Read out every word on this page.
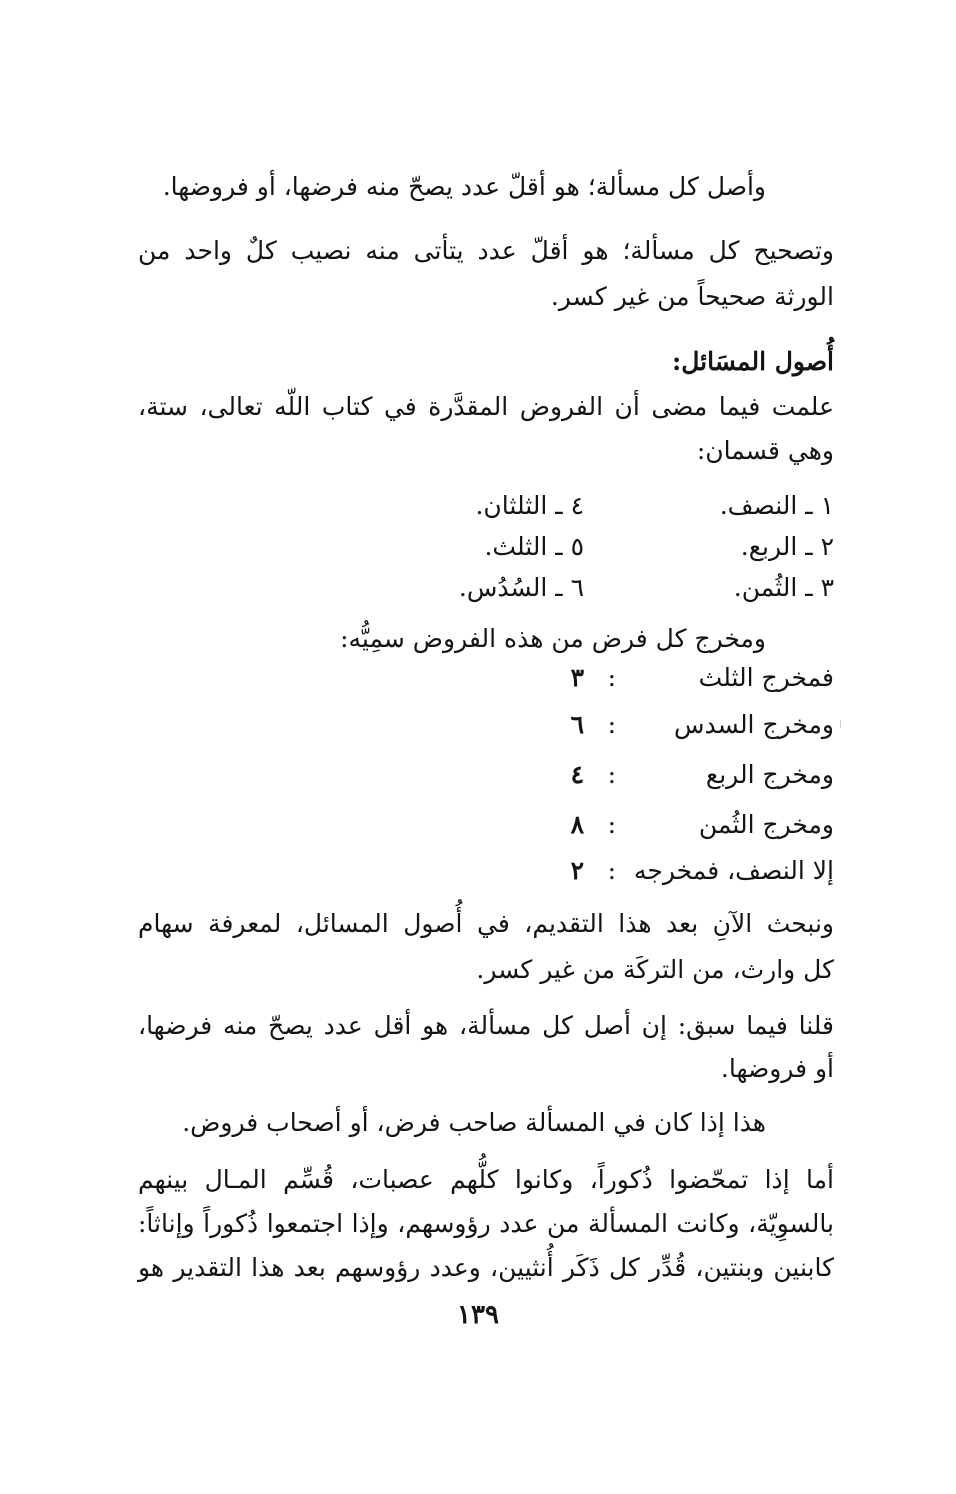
وأصل كل مسألة؛ هو أقلّ عدد يصحّ منه فرضها، أو فروضها.

وتصحيح كل مسألة؛ هو أقلّ عدد يتأتى منه نصيب كلٌ واحد من

الورثة صحيحاً من غير كسر.

أُصول المسَائل:

علمت فيما مضى أن الفروض المقدَّرة في كتاب اللّه تعالى، ستة،

وهي قسمان:

١ ـ النصف.
٤ ـ الثلثان.
٢ ـ الربع.
٥ ـ الثلث.
٣ ـ الثُمن.
٦ ـ السُدُس.

ومخرج كل فرض من هذه الفروض سمِيُّه:

فمخرج الثلث
:
٣
ومخرج السدس
:
٦
ومخرج الربع
:
٤
ومخرج الثُمن
:
٨
إلا النصف، فمخرجه
:
٢

ونبحث الآنِ بعد هذا التقديم، في أُصول المسائل، لمعرفة سهام

كل وارث، من التركَة من غير كسر.

قلنا فيما سبق: إن أصل كل مسألة، هو أقل عدد يصحّ منه فرضها،

أو فروضها.

هذا إذا كان في المسألة صاحب فرض، أو أصحاب فروض.

أما إذا تمحّضوا ذُكوراً، وكانوا كلُّهم عصبات، قُسِّم المـال بينهم

بالسوِيّة، وكانت المسألة من عدد رؤوسهم، وإذا اجتمعوا ذُكوراً وإناثاً:

كابنين وبنتين، قُدِّر كل ذَكَر أُنثيين، وعدد رؤوسهم بعد هذا التقدير هو

١٣٩
